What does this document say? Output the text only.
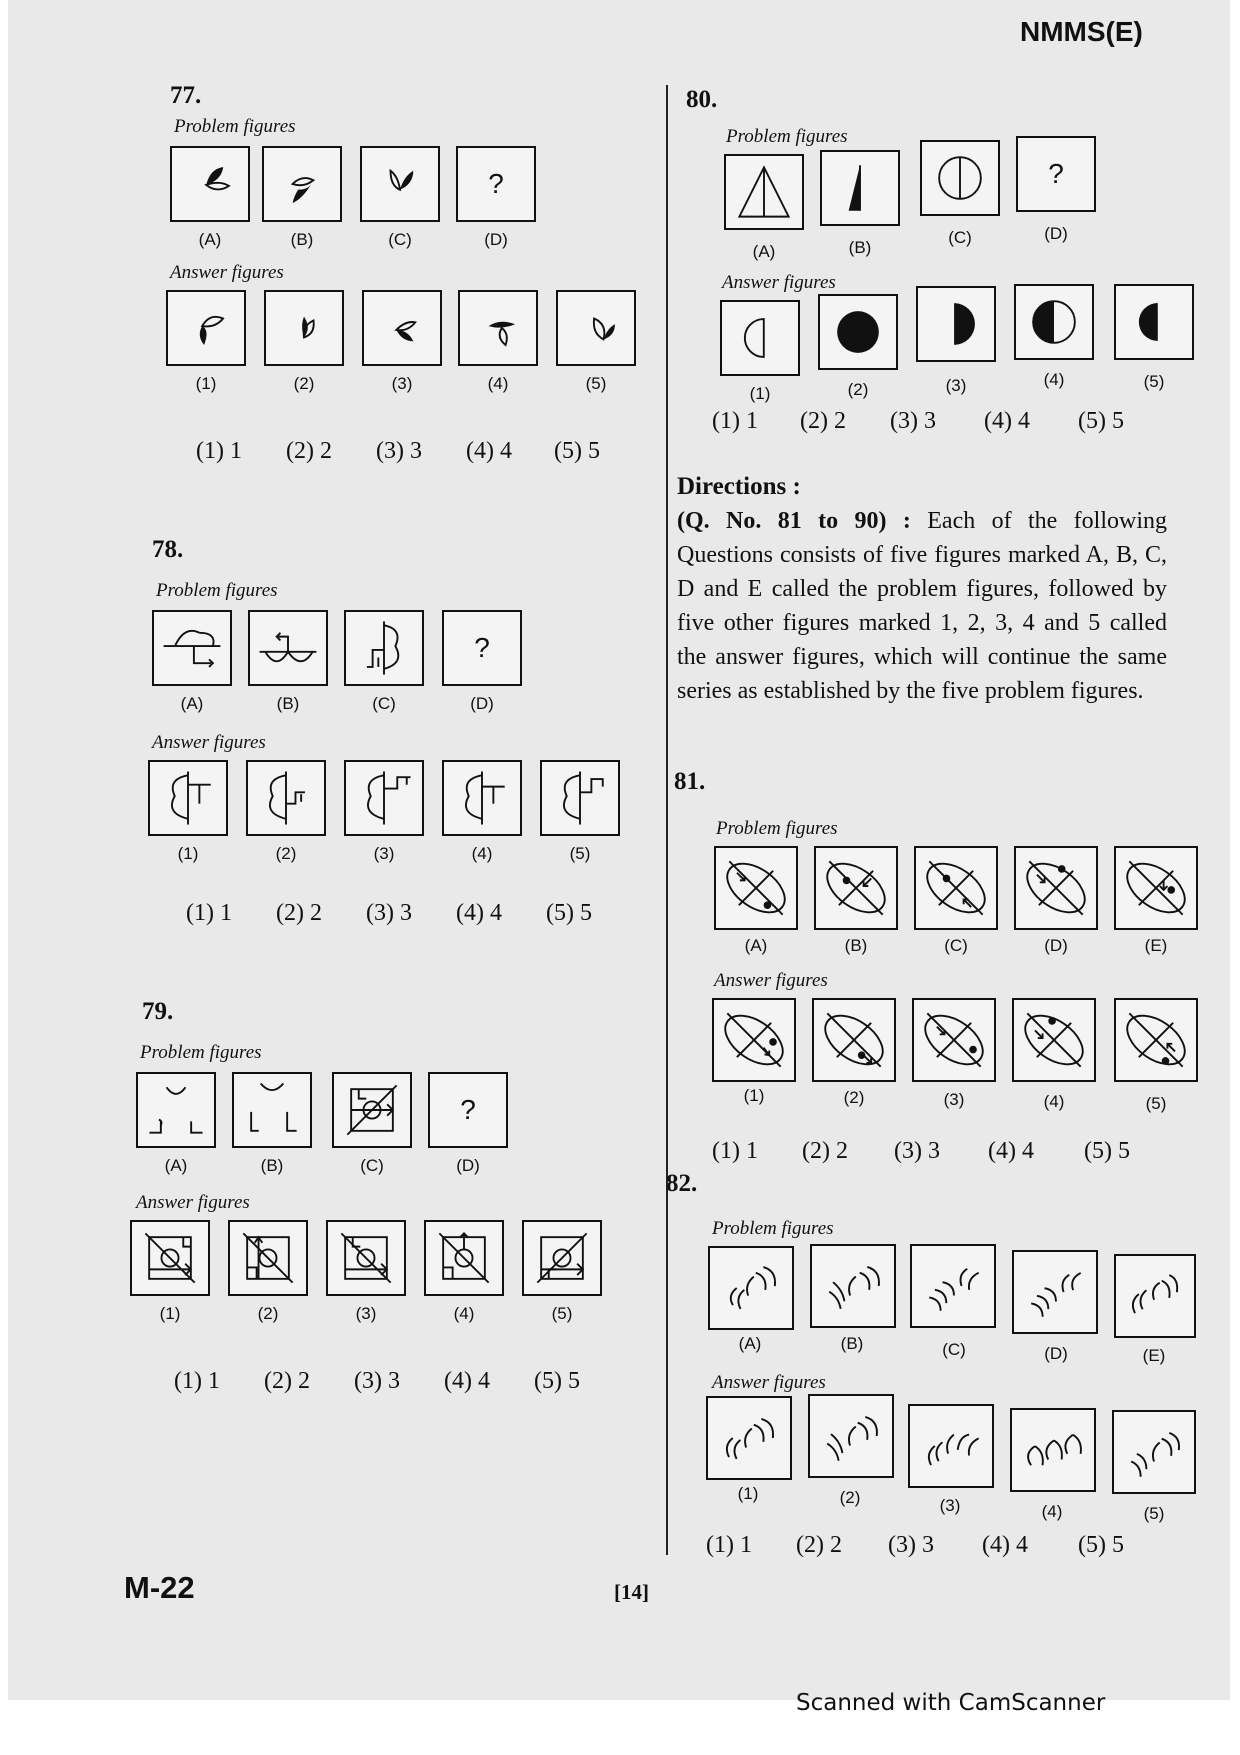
NMMS(E)
77.
Problem figures
?
(A)	(B)	(C)	(D)
Answer figures
(1)	(2)	(3)	(4)	(5)
(1) 1	(2) 2	(3) 3	(4) 4	(5) 5
78.
Problem figures
?
(A)	(B)	(C)	(D)
Answer figures
(1)	(2)	(3)	(4)	(5)
(1) 1	(2) 2	(3) 3	(4) 4	(5) 5
79.
Problem figures
?
(A)	(B)	(C)	(D)
Answer figures
(1)	(2)	(3)	(4)	(5)
(1) 1	(2) 2	(3) 3	(4) 4	(5) 5
80.
Problem figures
?
(A)	(B)
(C)	(D)
Answer figures
(1)	(2)	(3)	(4)	(5)
(1) 1	(2) 2	(3) 3	(4) 4	(5) 5
Directions :
(Q. No. 81 to 90) : Each of the following Questions consists of five figures marked A, B, C, D and E called the problem figures, followed by five other figures marked 1, 2, 3, 4 and 5 called the answer figures, which will continue the same series as established by the five problem figures.
81.
Problem figures
(A)	(B)	(C)	(D)	(E)
Answer figures
(1)	(2)	(3)	(4)	(5)
(1) 1	(2) 2	(3) 3	(4) 4	(5) 5
82.
Problem figures
(A)	(B)	(C)	(D)	(E)
Answer figures
(1)	(2)	(3)	(4)	(5)
(1) 1	(2) 2	(3) 3	(4) 4	(5) 5
M-22	[14]
Scanned with CamScanner
